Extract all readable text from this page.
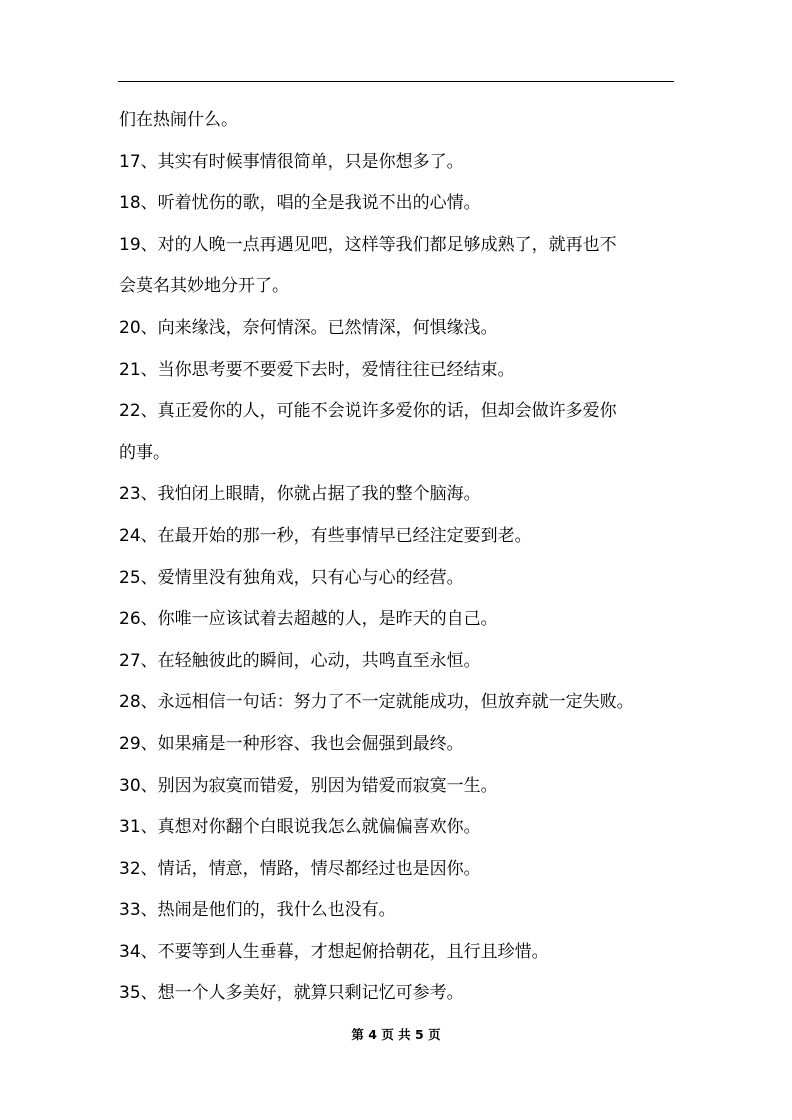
们在热闹什么。
17、其实有时候事情很简单，只是你想多了。
18、听着忧伤的歌，唱的全是我说不出的心情。
19、对的人晚一点再遇见吧，这样等我们都足够成熟了，就再也不
会莫名其妙地分开了。
20、向来缘浅，奈何情深。已然情深，何惧缘浅。
21、当你思考要不要爱下去时，爱情往往已经结束。
22、真正爱你的人，可能不会说许多爱你的话，但却会做许多爱你
的事。
23、我怕闭上眼睛，你就占据了我的整个脑海。
24、在最开始的那一秒，有些事情早已经注定要到老。
25、爱情里没有独角戏，只有心与心的经营。
26、你唯一应该试着去超越的人，是昨天的自己。
27、在轻触彼此的瞬间，心动，共鸣直至永恒。
28、永远相信一句话：努力了不一定就能成功，但放弃就一定失败。
29、如果痛是一种形容、我也会倔强到最终。
30、别因为寂寞而错爱，别因为错爱而寂寞一生。
31、真想对你翻个白眼说我怎么就偏偏喜欢你。
32、情话，情意，情路，情尽都经过也是因你。
33、热闹是他们的，我什么也没有。
34、不要等到人生垂暮，才想起俯拾朝花，且行且珍惜。
35、想一个人多美好，就算只剩记忆可参考。
第 4 页 共 5 页
